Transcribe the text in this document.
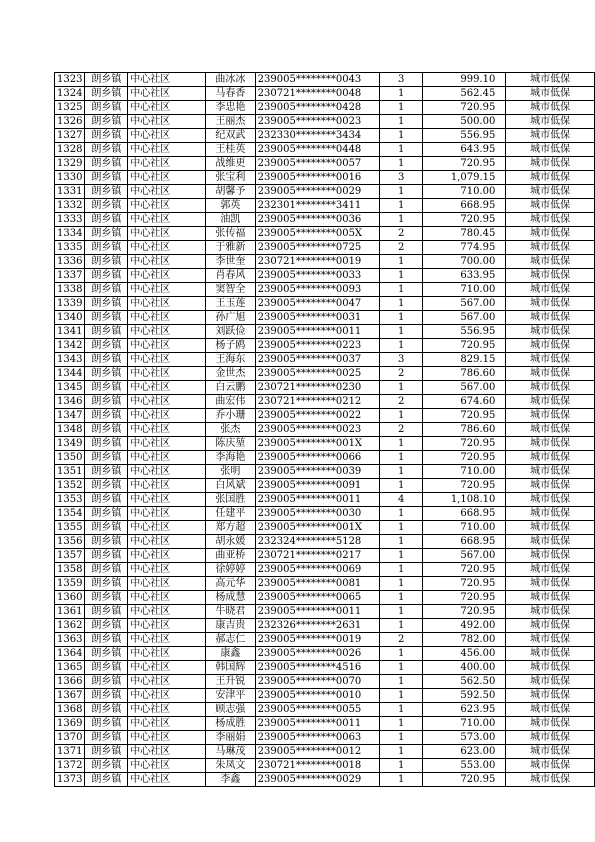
1323	朗乡镇	中心社区	曲冰冰	239005********0043	3	999.10	城市低保
1324	朗乡镇	中心社区	马春香	230721********0048	1	562.45	城市低保
1325	朗乡镇	中心社区	李忠艳	239005********0428	1	720.95	城市低保
1326	朗乡镇	中心社区	王丽杰	239005********0023	1	500.00	城市低保
1327	朗乡镇	中心社区	纪双武	232330********3434	1	556.95	城市低保
1328	朗乡镇	中心社区	王桂英	239005********0448	1	643.95	城市低保
1329	朗乡镇	中心社区	战维更	239005********0057	1	720.95	城市低保
1330	朗乡镇	中心社区	张宝利	239005********0016	3	1,079.15	城市低保
1331	朗乡镇	中心社区	胡馨予	239005********0029	1	710.00	城市低保
1332	朗乡镇	中心社区	郭英	232301********3411	1	668.95	城市低保
1333	朗乡镇	中心社区	油凯	239005********0036	1	720.95	城市低保
1334	朗乡镇	中心社区	张传福	239005********005X	2	780.45	城市低保
1335	朗乡镇	中心社区	于雅新	239005********0725	2	774.95	城市低保
1336	朗乡镇	中心社区	李世奎	230721********0019	1	700.00	城市低保
1337	朗乡镇	中心社区	肖春风	239005********0033	1	633.95	城市低保
1338	朗乡镇	中心社区	窦智全	239005********0093	1	710.00	城市低保
1339	朗乡镇	中心社区	王玉莲	239005********0047	1	567.00	城市低保
1340	朗乡镇	中心社区	孙广旭	239005********0031	1	567.00	城市低保
1341	朗乡镇	中心社区	刘跃俭	239005********0011	1	556.95	城市低保
1342	朗乡镇	中心社区	杨子鸥	239005********0223	1	720.95	城市低保
1343	朗乡镇	中心社区	王海东	239005********0037	3	829.15	城市低保
1344	朗乡镇	中心社区	金世杰	239005********0025	2	786.60	城市低保
1345	朗乡镇	中心社区	白云鹏	230721********0230	1	567.00	城市低保
1346	朗乡镇	中心社区	曲宏伟	230721********0212	2	674.60	城市低保
1347	朗乡镇	中心社区	乔小珊	239005********0022	1	720.95	城市低保
1348	朗乡镇	中心社区	张杰	239005********0023	2	786.60	城市低保
1349	朗乡镇	中心社区	陈庆堃	239005********001X	1	720.95	城市低保
1350	朗乡镇	中心社区	李海艳	239005********0066	1	720.95	城市低保
1351	朗乡镇	中心社区	张明	239005********0039	1	710.00	城市低保
1352	朗乡镇	中心社区	白风斌	239005********0091	1	720.95	城市低保
1353	朗乡镇	中心社区	张国胜	239005********0011	4	1,108.10	城市低保
1354	朗乡镇	中心社区	任建平	239005********0030	1	668.95	城市低保
1355	朗乡镇	中心社区	郑方超	239005********001X	1	710.00	城市低保
1356	朗乡镇	中心社区	胡永媛	232324********5128	1	668.95	城市低保
1357	朗乡镇	中心社区	曲亚桥	230721********0217	1	567.00	城市低保
1358	朗乡镇	中心社区	徐婷婷	239005********0069	1	720.95	城市低保
1359	朗乡镇	中心社区	高元华	239005********0081	1	720.95	城市低保
1360	朗乡镇	中心社区	杨成慧	239005********0065	1	720.95	城市低保
1361	朗乡镇	中心社区	牛晓君	239005********0011	1	720.95	城市低保
1362	朗乡镇	中心社区	康吉贵	232326********2631	1	492.00	城市低保
1363	朗乡镇	中心社区	郝志仁	239005********0019	2	782.00	城市低保
1364	朗乡镇	中心社区	康鑫	239005********0026	1	456.00	城市低保
1365	朗乡镇	中心社区	韩国辉	239005********4516	1	400.00	城市低保
1366	朗乡镇	中心社区	王升锐	239005********0070	1	562.50	城市低保
1367	朗乡镇	中心社区	安津平	239005********0010	1	592.50	城市低保
1368	朗乡镇	中心社区	顾志强	239005********0055	1	623.95	城市低保
1369	朗乡镇	中心社区	杨成胜	239005********0011	1	710.00	城市低保
1370	朗乡镇	中心社区	李丽娟	239005********0063	1	573.00	城市低保
1371	朗乡镇	中心社区	马琳茂	239005********0012	1	623.00	城市低保
1372	朗乡镇	中心社区	朱凤文	230721********0018	1	553.00	城市低保
1373	朗乡镇	中心社区	李鑫	239005********0029	1	720.95	城市低保
